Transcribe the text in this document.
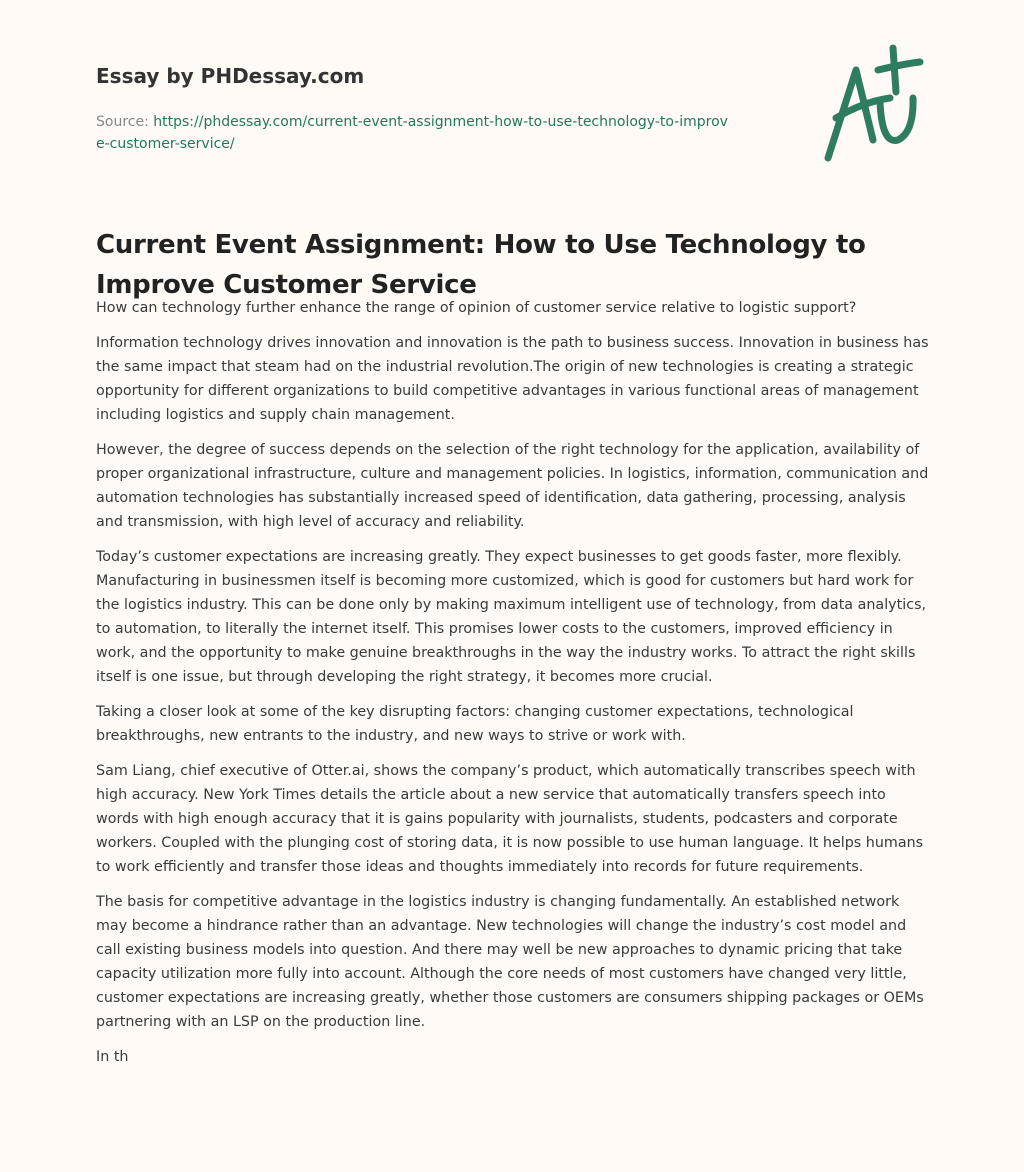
Essay by PHDessay.com
Source: https://phdessay.com/current-event-assignment-how-to-use-technology-to-improve-customer-service/
Current Event Assignment: How to Use Technology to Improve Customer Service

How can technology further enhance the range of opinion of customer service relative to logistic support?

Information technology drives innovation and innovation is the path to business success. Innovation in business has the same impact that steam had on the industrial revolution.The origin of new technologies is creating a strategic opportunity for different organizations to build competitive advantages in various functional areas of management including logistics and supply chain management.

However, the degree of success depends on the selection of the right technology for the application, availability of proper organizational infrastructure, culture and management policies. In logistics, information, communication and automation technologies has substantially increased speed of identification, data gathering, processing, analysis and transmission, with high level of accuracy and reliability.

Today’s customer expectations are increasing greatly. They expect businesses to get goods faster, more flexibly. Manufacturing in businessmen itself is becoming more customized, which is good for customers but hard work for the logistics industry. This can be done only by making maximum intelligent use of technology, from data analytics, to automation, to literally the internet itself. This promises lower costs to the customers, improved efficiency in work, and the opportunity to make genuine breakthroughs in the way the industry works. To attract the right skills itself is one issue, but through developing the right strategy, it becomes more crucial.

Taking a closer look at some of the key disrupting factors: changing customer expectations, technological breakthroughs, new entrants to the industry, and new ways to strive or work with.

Sam Liang, chief executive of Otter.ai, shows the company’s product, which automatically transcribes speech with high accuracy. New York Times details the article about a new service that automatically transfers speech into words with high enough accuracy that it is gains popularity with journalists, students, podcasters and corporate workers. Coupled with the plunging cost of storing data, it is now possible to use human language. It helps humans to work efficiently and transfer those ideas and thoughts immediately into records for future requirements.

The basis for competitive advantage in the logistics industry is changing fundamentally. An established network may become a hindrance rather than an advantage. New technologies will change the industry’s cost model and call existing business models into question. And there may well be new approaches to dynamic pricing that take capacity utilization more fully into account. Although the core needs of most customers have changed very little, customer expectations are increasing greatly, whether those customers are consumers shipping packages or OEMs partnering with an LSP on the production line.

In th
